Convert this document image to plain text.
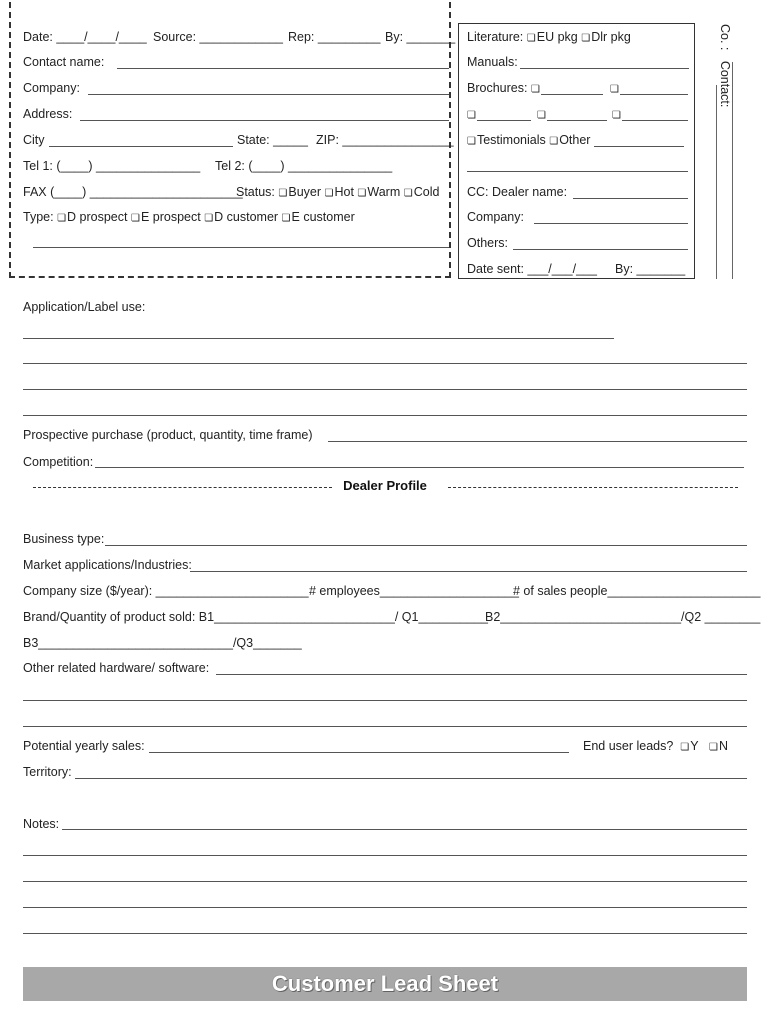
Date: ____/____/____ Source: ____________ Rep: _________ By: _______
Contact name:
Company:
Address:
City	State: _____ ZIP: ________________
Tel 1: (____) _______________ Tel 2: (____) _______________
FAX (____) ______________________
Status: ❏ Buyer ❏ Hot ❏ Warm ❏ Cold
Type: ❏ D prospect ❏ E prospect ❏ D customer ❏ E customer
Literature: ❏ EU pkg ❏ Dlr pkg
Manuals:
Brochures:
❏
❏
❏
❏
❏
❏ Testimonials ❏ Other
CC: Dealer name:
Company:
Others:
Date sent: ___/___/___ By: _______
Co. :   Contact:
Application/Label use:
Prospective purchase (product, quantity, time frame)
Competition:
Dealer Profile
Business type:
Market applications/Industries:
Company size ($/year): ______________________ # employees____________________
# of sales people______________________
Brand/Quantity of product sold: B1__________________________/ Q1__________
B2__________________________/Q2 ________
B3____________________________/Q3_______
Other related hardware/ software:
Potential yearly sales:	End user leads? ❏ Y ❏ N
Territory:
Notes:
Customer Lead Sheet
